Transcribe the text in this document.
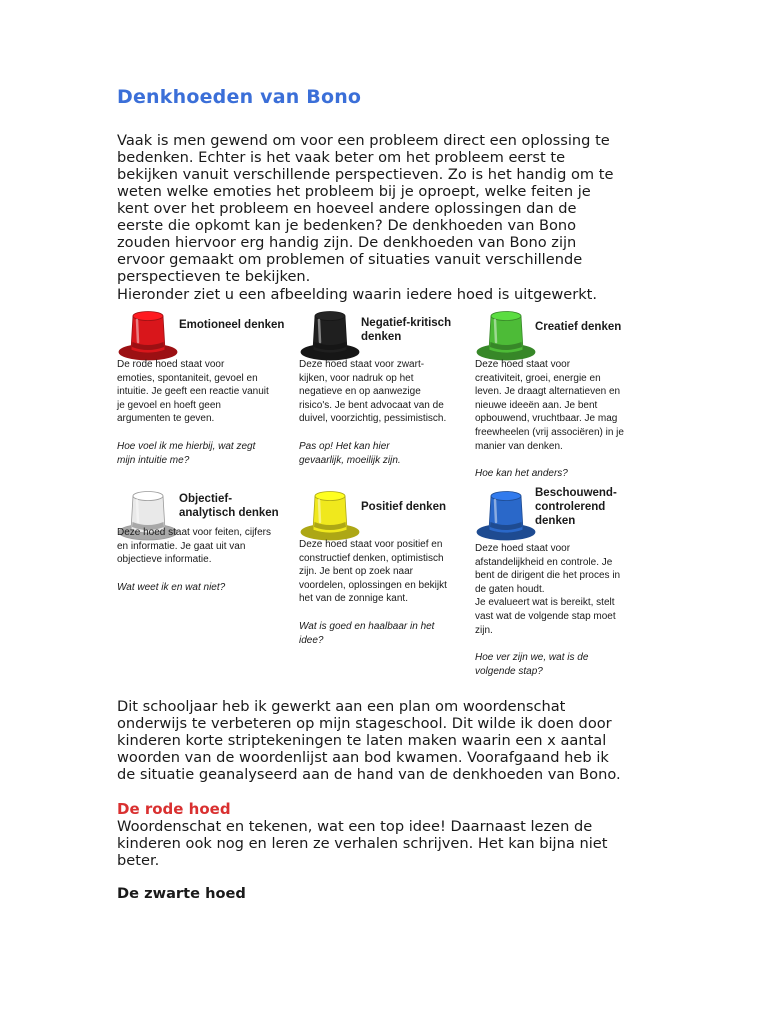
Denkhoeden van Bono

Vaak is men gewend om voor een probleem direct een oplossing te
bedenken. Echter is het vaak beter om het probleem eerst te
bekijken vanuit verschillende perspectieven. Zo is het handig om te
weten welke emoties het probleem bij je oproept, welke feiten je
kent over het probleem en hoeveel andere oplossingen dan de
eerste die opkomt kan je bedenken? De denkhoeden van Bono
zouden hiervoor erg handig zijn. De denkhoeden van Bono zijn
ervoor gemaakt om problemen of situaties vanuit verschillende
perspectieven te bekijken.

Hieronder ziet u een afbeelding waarin iedere hoed is uitgewerkt.

Emotioneel denken
De rode hoed staat voor
emoties, spontaniteit, gevoel en
intuitie. Je geeft een reactie vanuit
je gevoel en hoeft geen
argumenten te geven.
Hoe voel ik me hierbij, wat zegt
mijn intuitie me?
Negatief-kritisch
denken
Deze hoed staat voor zwart-
kijken, voor nadruk op het
negatieve en op aanwezige
risico's. Je bent advocaat van de
duivel, voorzichtig, pessimistisch.
Pas op! Het kan hier
gevaarlijk, moeilijk zijn.
Creatief denken
Deze hoed staat voor
creativiteit, groei, energie en
leven. Je draagt alternatieven en
nieuwe ideeën aan. Je bent
opbouwend, vruchtbaar. Je mag
freewheelen (vrij associëren) in je
manier van denken.
Hoe kan het anders?
Objectief-
analytisch denken
Deze hoed staat voor feiten, cijfers
en informatie. Je gaat uit van
objectieve informatie.
Wat weet ik en wat niet?
Positief denken
Deze hoed staat voor positief en
constructief denken, optimistisch
zijn. Je bent op zoek naar
voordelen, oplossingen en bekijkt
het van de zonnige kant.
Wat is goed en haalbaar in het
idee?
Beschouwend-
controlerend
denken
Deze hoed staat voor
afstandelijkheid en controle. Je
bent de dirigent die het proces in
de gaten houdt.
Je evalueert wat is bereikt, stelt
vast wat de volgende stap moet
zijn.
Hoe ver zijn we, wat is de
volgende stap?

Dit schooljaar heb ik gewerkt aan een plan om woordenschat
onderwijs te verbeteren op mijn stageschool. Dit wilde ik doen door
kinderen korte striptekeningen te laten maken waarin een x aantal
woorden van de woordenlijst aan bod kwamen. Voorafgaand heb ik
de situatie geanalyseerd aan de hand van de denkhoeden van Bono.

De rode hoed

Woordenschat en tekenen, wat een top idee! Daarnaast lezen de
kinderen ook nog en leren ze verhalen schrijven. Het kan bijna niet
beter.

De zwarte hoed
